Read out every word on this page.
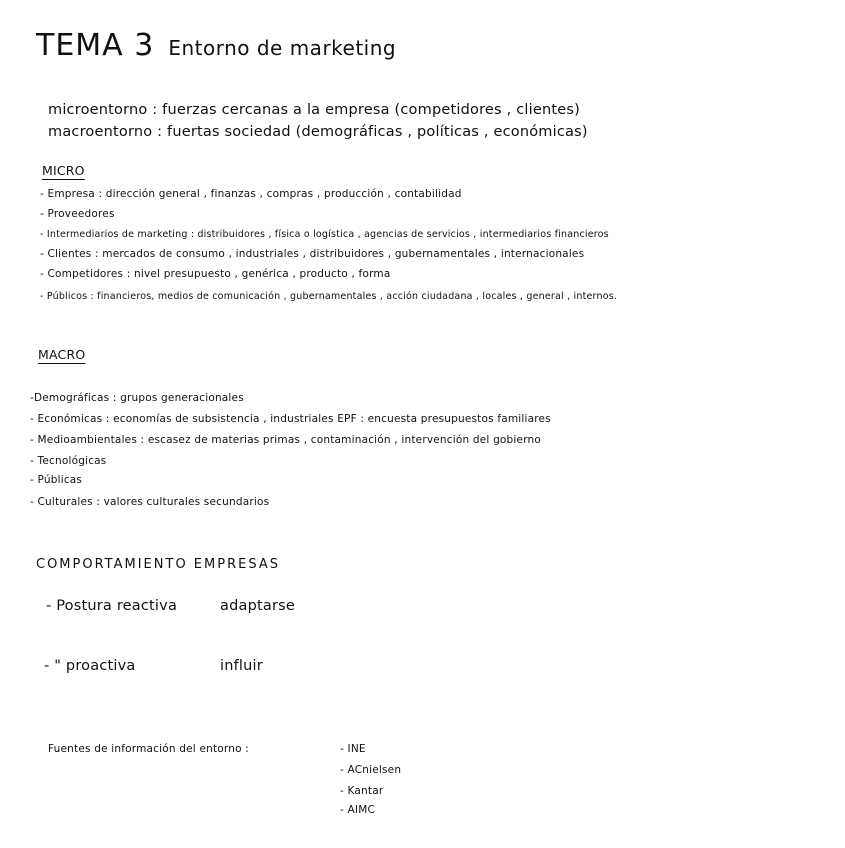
TEMA 3 Entorno de marketing
microentorno : fuerzas cercanas a la empresa (competidores , clientes)
macroentorno : fuertas sociedad (demográficas , políticas , económicas)
MICRO
- Empresa : dirección general , finanzas , compras , producción , contabilidad
- Proveedores
- Intermediarios de marketing : distribuidores , física o logística , agencias de servicios , intermediarios financieros
- Clientes : mercados de consumo , industriales , distribuidores , gubernamentales , internacionales
- Competidores : nivel presupuesto , genérica , producto , forma
- Públicos : financieros, medios de comunicación , gubernamentales , acción ciudadana , locales , general , internos.
MACRO
-Demográficas : grupos generacionales
- Económicas : economías de subsistencia , industriales EPF : encuesta presupuestos familiares
- Medioambientales : escasez de materias primas , contaminación , intervención del gobierno
- Tecnológicas
- Públicas
- Culturales : valores culturales secundarios
COMPORTAMIENTO EMPRESAS
- Postura reactiva	adaptarse
- " proactiva	influir
Fuentes de información del entorno :	- INE
- ACnielsen
- Kantar
- AIMC
